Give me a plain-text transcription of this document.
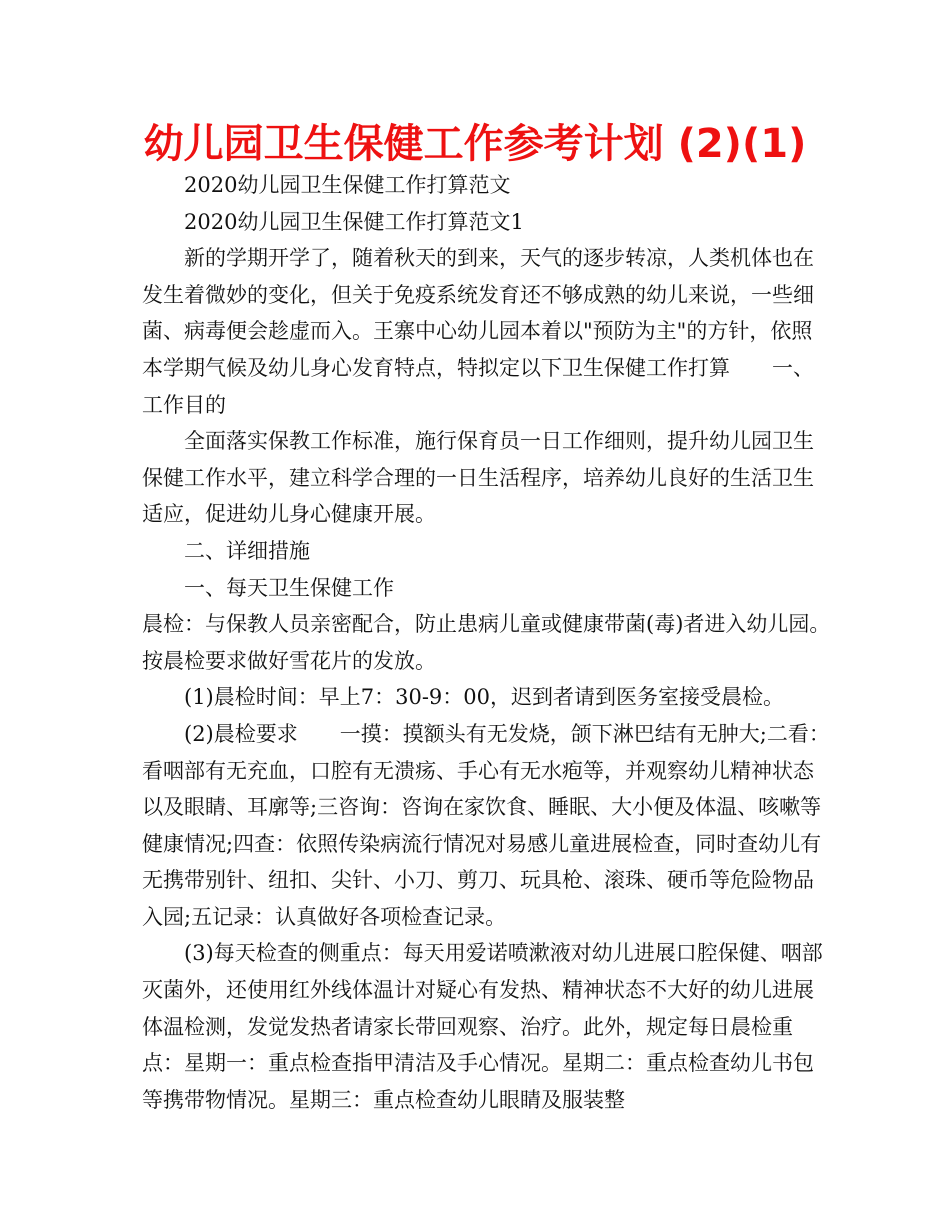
幼儿园卫生保健工作参考计划 (2)(1)

2020幼儿园卫生保健工作打算范文

2020幼儿园卫生保健工作打算范文1

新的学期开学了，随着秋天的到来，天气的逐步转凉，人类机体也在发生着微妙的变化，但关于免疫系统发育还不够成熟的幼儿来说，一些细菌、病毒便会趁虚而入。王寨中心幼儿园本着以"预防为主"的方针，依照本学期气候及幼儿身心发育特点，特拟定以下卫生保健工作打算 一、工作目的

全面落实保教工作标准，施行保育员一日工作细则，提升幼儿园卫生保健工作水平，建立科学合理的一日生活程序，培养幼儿良好的生活卫生适应，促进幼儿身心健康开展。

二、详细措施

一、每天卫生保健工作

晨检：与保教人员亲密配合，防止患病儿童或健康带菌(毒)者进入幼儿园。按晨检要求做好雪花片的发放。

(1)晨检时间：早上7：30-9：00，迟到者请到医务室接受晨检。

(2)晨检要求 一摸：摸额头有无发烧，颌下淋巴结有无肿大;二看：看咽部有无充血，口腔有无溃疡、手心有无水疱等，并观察幼儿精神状态以及眼睛、耳廓等;三咨询：咨询在家饮食、睡眠、大小便及体温、咳嗽等健康情况;四查：依照传染病流行情况对易感儿童进展检查，同时查幼儿有无携带别针、纽扣、尖针、小刀、剪刀、玩具枪、滚珠、硬币等危险物品入园;五记录：认真做好各项检查记录。

(3)每天检查的侧重点：每天用爱诺喷漱液对幼儿进展口腔保健、咽部灭菌外，还使用红外线体温计对疑心有发热、精神状态不大好的幼儿进展体温检测，发觉发热者请家长带回观察、治疗。此外，规定每日晨检重点：星期一：重点检查指甲清洁及手心情况。星期二：重点检查幼儿书包等携带物情况。星期三：重点检查幼儿眼睛及服装整
